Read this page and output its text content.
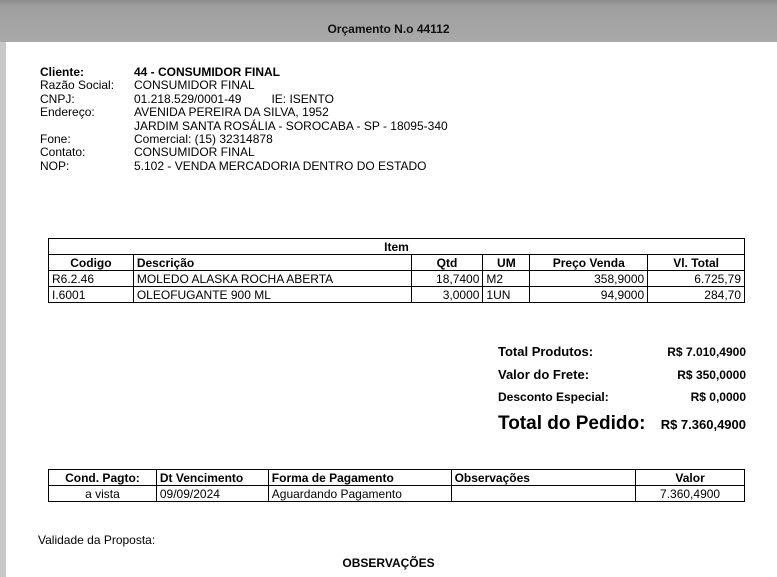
Orçamento N.o 44112
Cliente:	44 - CONSUMIDOR FINAL
Razão Social:	CONSUMIDOR FINAL
CNPJ:	01.218.529/0001-49	IE: ISENTO
Endereço:	AVENIDA PEREIRA DA SILVA, 1952
JARDIM SANTA ROSÁLIA - SOROCABA - SP - 18095-340
Fone:	Comercial: (15) 32314878
Contato:	CONSUMIDOR FINAL
NOP:	5.102 - VENDA MERCADORIA DENTRO DO ESTADO
Item					
Codigo	Descrição	Qtd	UM	Preço Venda	Vl. Total
R6.2.46	MOLEDO ALASKA ROCHA ABERTA	18,7400	M2	358,9000	6.725,79
I.6001	OLEOFUGANTE 900 ML	3,0000	1UN	94,9000	284,70
Total Produtos:	R$ 7.010,4900
Valor do Frete:	R$ 350,0000
Desconto Especial:	R$ 0,0000
Total do Pedido: R$ 7.360,4900
Cond. Pagto:	Dt Vencimento	Forma de Pagamento	Observações	Valor
a vista	09/09/2024	Aguardando Pagamento		7.360,4900
Validade da Proposta:
OBSERVAÇÕES
